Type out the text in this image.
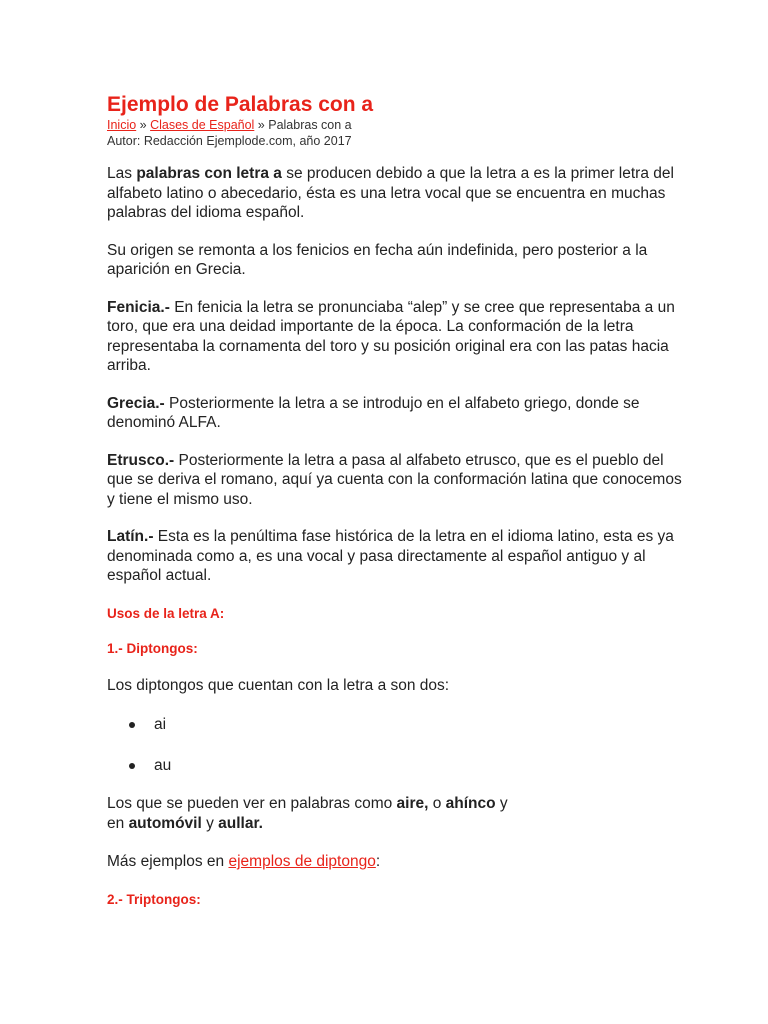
Ejemplo de Palabras con a
Inicio » Clases de Español » Palabras con a
Autor: Redacción Ejemplode.com, año 2017

Las palabras con letra a se producen debido a que la letra a es la primer letra del alfabeto latino o abecedario, ésta es una letra vocal que se encuentra en muchas palabras del idioma español.

Su origen se remonta a los fenicios en fecha aún indefinida, pero posterior a la aparición en Grecia.

Fenicia.- En fenicia la letra se pronunciaba “alep” y se cree que representaba a un toro, que era una deidad importante de la época. La conformación de la letra representaba la cornamenta del toro y su posición original era con las patas hacia arriba.

Grecia.- Posteriormente la letra a se introdujo en el alfabeto griego, donde se denominó ALFA.

Etrusco.- Posteriormente la letra a pasa al alfabeto etrusco, que es el pueblo del que se deriva el romano, aquí ya cuenta con la conformación latina que conocemos y tiene el mismo uso.

Latín.- Esta es la penúltima fase histórica de la letra en el idioma latino, esta es ya denominada como a, es una vocal y pasa directamente al español antiguo y al español actual.

Usos de la letra A:

1.- Diptongos:

Los diptongos que cuentan con la letra a son dos:

ai
au

Los que se pueden ver en palabras como aire, o ahínco y
en automóvil y aullar.

Más ejemplos en ejemplos de diptongo:

2.- Triptongos:
